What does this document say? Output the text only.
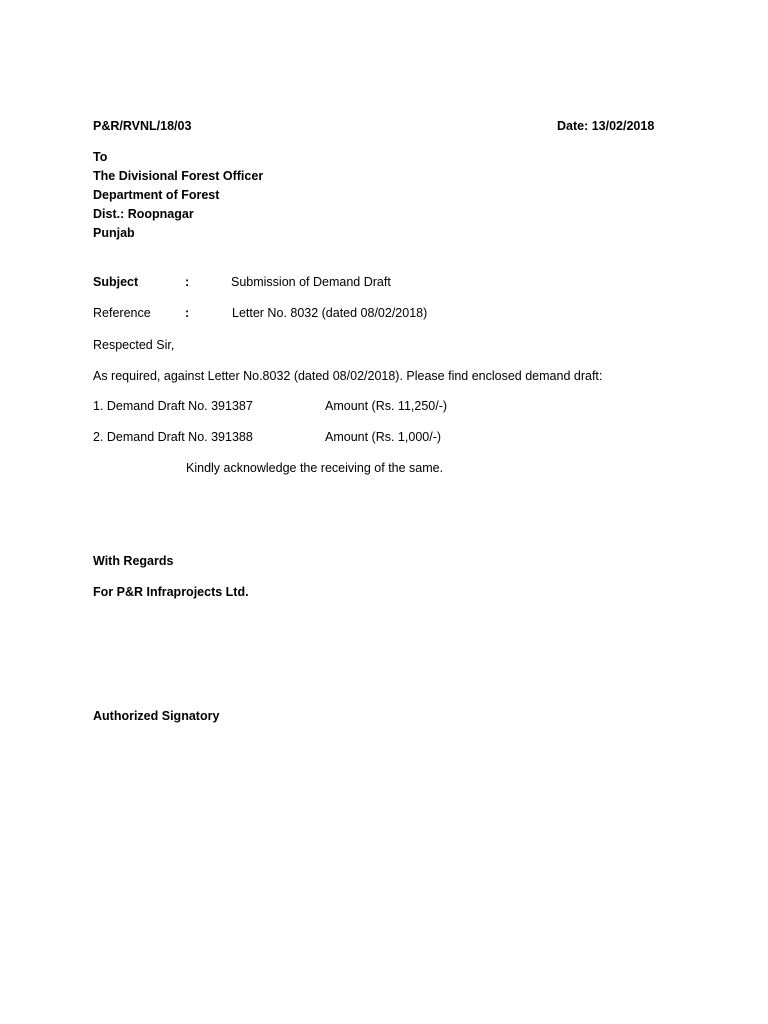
P&R/RVNL/18/03	Date: 13/02/2018
To
The Divisional Forest Officer
Department of Forest
Dist.: Roopnagar
Punjab
Subject	:	Submission of Demand Draft
Reference	:	Letter No. 8032 (dated 08/02/2018)
Respected Sir,
As required, against Letter No.8032 (dated 08/02/2018). Please find enclosed demand draft:
1. Demand Draft No. 391387	Amount (Rs. 11,250/-)
2. Demand Draft No. 391388	Amount (Rs. 1,000/-)
Kindly acknowledge the receiving of the same.
With Regards
For P&R Infraprojects Ltd.
Authorized Signatory
